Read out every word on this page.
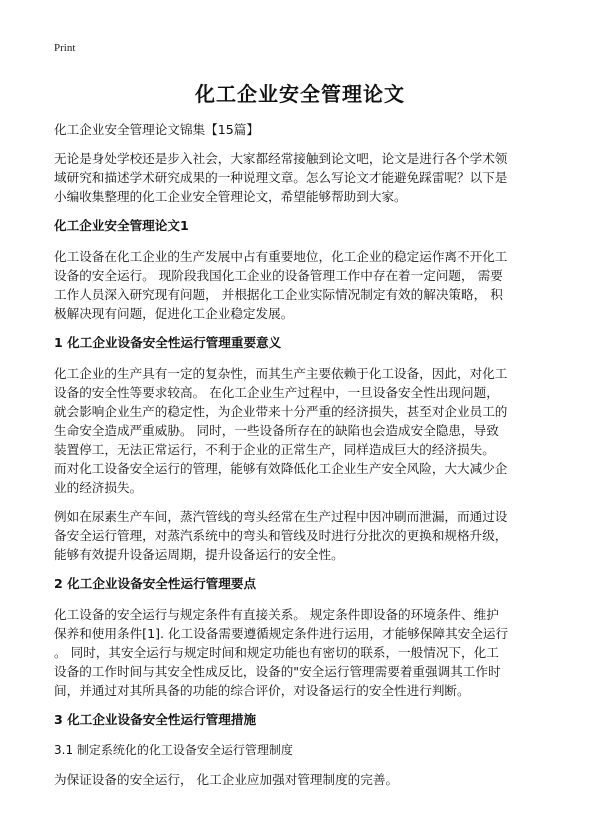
Print
化工企业安全管理论文

化工企业安全管理论文锦集【15篇】

无论是身处学校还是步入社会，大家都经常接触到论文吧，论文是进行各个学术领
域研究和描述学术研究成果的一种说理文章。怎么写论文才能避免踩雷呢？以下是
小编收集整理的化工企业安全管理论文，希望能够帮助到大家。
化工企业安全管理论文1
化工设备在化工企业的生产发展中占有重要地位，化工企业的稳定运作离不开化工
设备的安全运行。 现阶段我国化工企业的设备管理工作中存在着一定问题， 需要
工作人员深入研究现有问题， 并根据化工企业实际情况制定有效的解决策略， 积
极解决现有问题，促进化工企业稳定发展。
1 化工企业设备安全性运行管理重要意义
化工企业的生产具有一定的复杂性，而其生产主要依赖于化工设备，因此，对化工
设备的安全性等要求较高。 在化工企业生产过程中，一旦设备安全性出现问题，
就会影响企业生产的稳定性，为企业带来十分严重的经济损失，甚至对企业员工的
生命安全造成严重威胁。 同时，一些设备所存在的缺陷也会造成安全隐患，导致
装置停工，无法正常运行，不利于企业的正常生产，同样造成巨大的经济损失。
而对化工设备安全运行的管理，能够有效降低化工企业生产安全风险，大大减少企
业的经济损失。
例如在尿素生产车间，蒸汽管线的弯头经常在生产过程中因冲刷而泄漏，而通过设
备安全运行管理，对蒸汽系统中的弯头和管线及时进行分批次的更换和规格升级，
能够有效提升设备运周期，提升设备运行的安全性。
2 化工企业设备安全性运行管理要点
化工设备的安全运行与规定条件有直接关系。 规定条件即设备的环境条件、维护
保养和使用条件[1]. 化工设备需要遵循规定条件进行运用，才能够保障其安全运行
。 同时，其安全运行与规定时间和规定功能也有密切的联系，一般情况下，化工
设备的工作时间与其安全性成反比，设备的"安全运行管理需要着重强调其工作时
间，并通过对其所具备的功能的综合评价，对设备运行的安全性进行判断。
3 化工企业设备安全性运行管理措施

3.1 制定系统化的化工设备安全运行管理制度

为保证设备的安全运行， 化工企业应加强对管理制度的完善。
